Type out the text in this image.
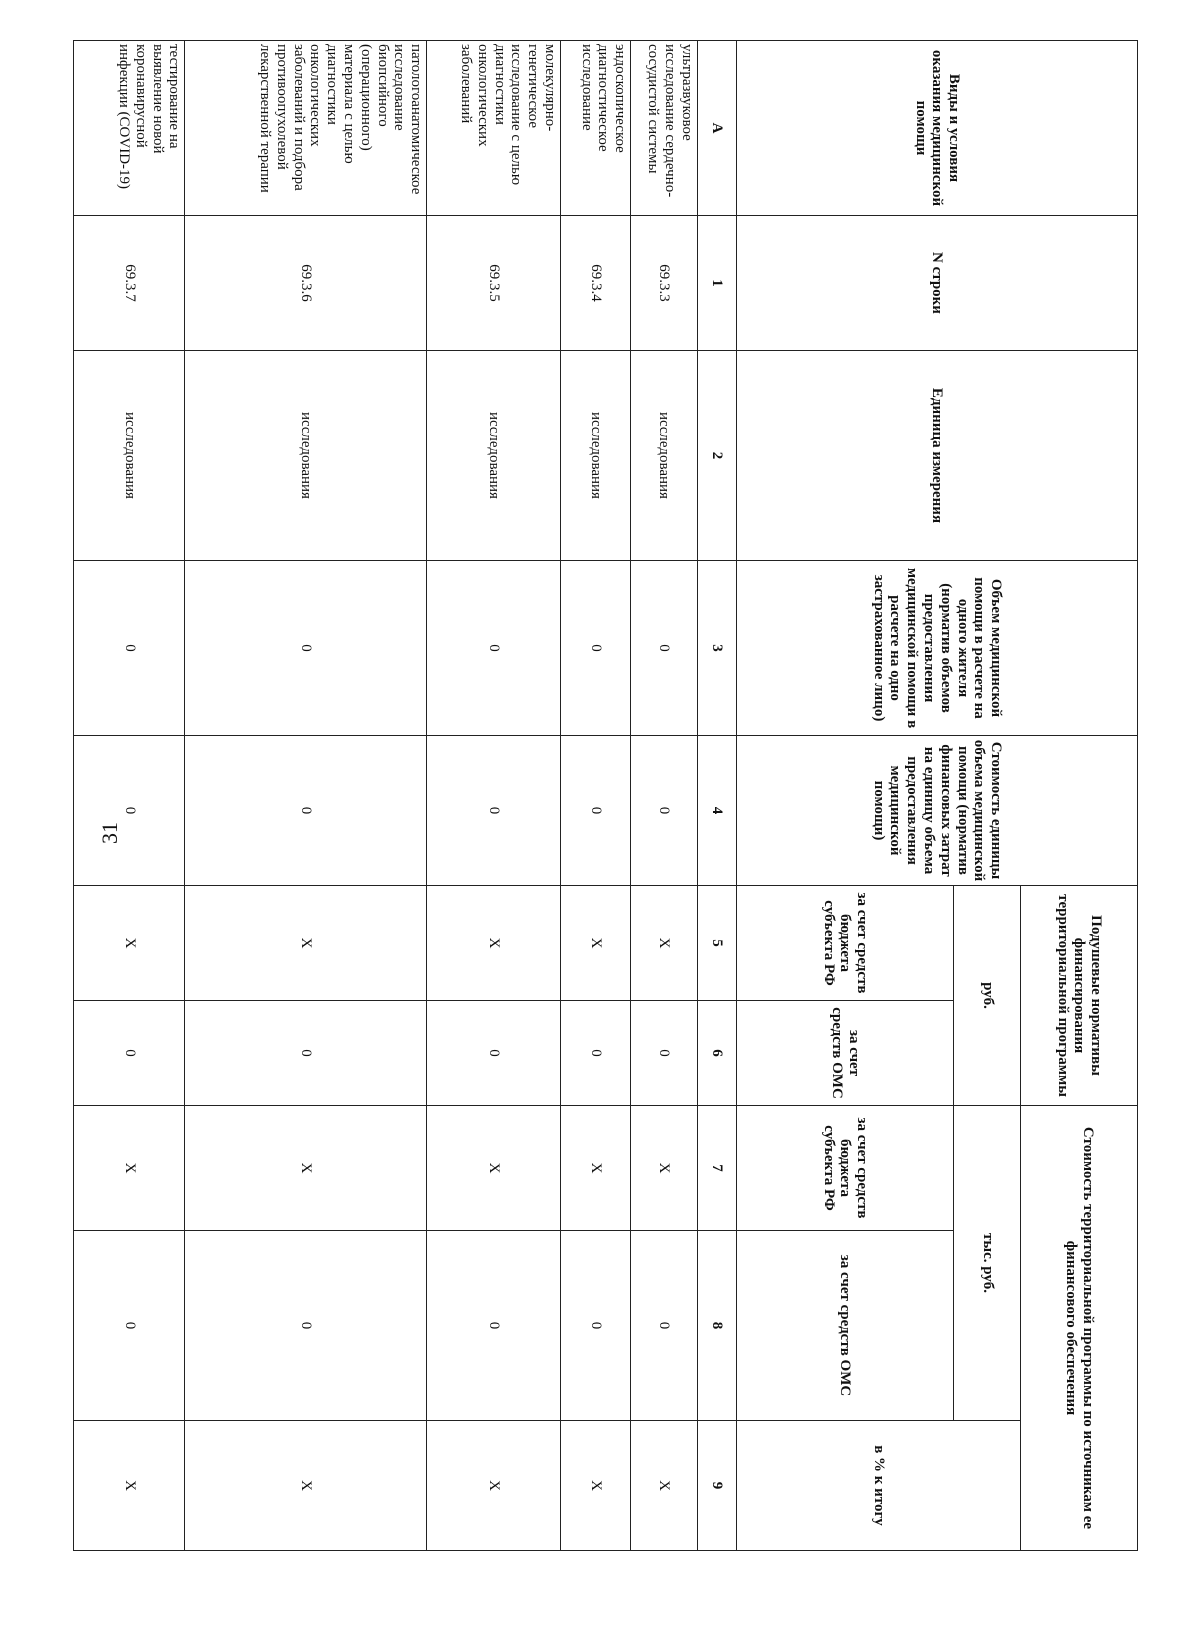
31
Виды и условия оказания медицинской помощи	N строки	Единица измерения	Объем медицинской помощи в расчете на одного жителя (норматив объемов предоставления медицинской помощи в расчете на одно застрахованное лицо)	Стоимость единицы объема медицинской помощи (норматив финансовых затрат на единицу объема предоставления медицинской помощи)	Подушевые нормативы финансирования территориальной программы		Стоимость территориальной программы по источникам ее финансового обеспечения		
					руб.		тыс. руб.		в % к итогу
					за счет средств бюджета субъекта РФ	за счет средств ОМС	за счет средств бюджета субъекта РФ	за счет средств ОМС	
А	1	2	3	4	5	6	7	8	9
ультразвуковое исследование сердечно-сосудистой системы	69.3.3	исследования	0	0	X	0	X	0	X
эндоскопическое диагностическое исследование	69.3.4	исследования	0	0	X	0	X	0	X
молекулярно-генетическое исследование с целью диагностики онкологических заболеваний	69.3.5	исследования	0	0	X	0	X	0	X
патологоанатомическое исследование биопсийного (операционного) материала с целью диагностики онкологических заболеваний и подбора противоопухолевой лекарственной терапии	69.3.6	исследования	0	0	X	0	X	0	X
тестирование на выявление новой коронавирусной инфекции (COVID-19)	69.3.7	исследования	0	0	X	0	X	0	X
